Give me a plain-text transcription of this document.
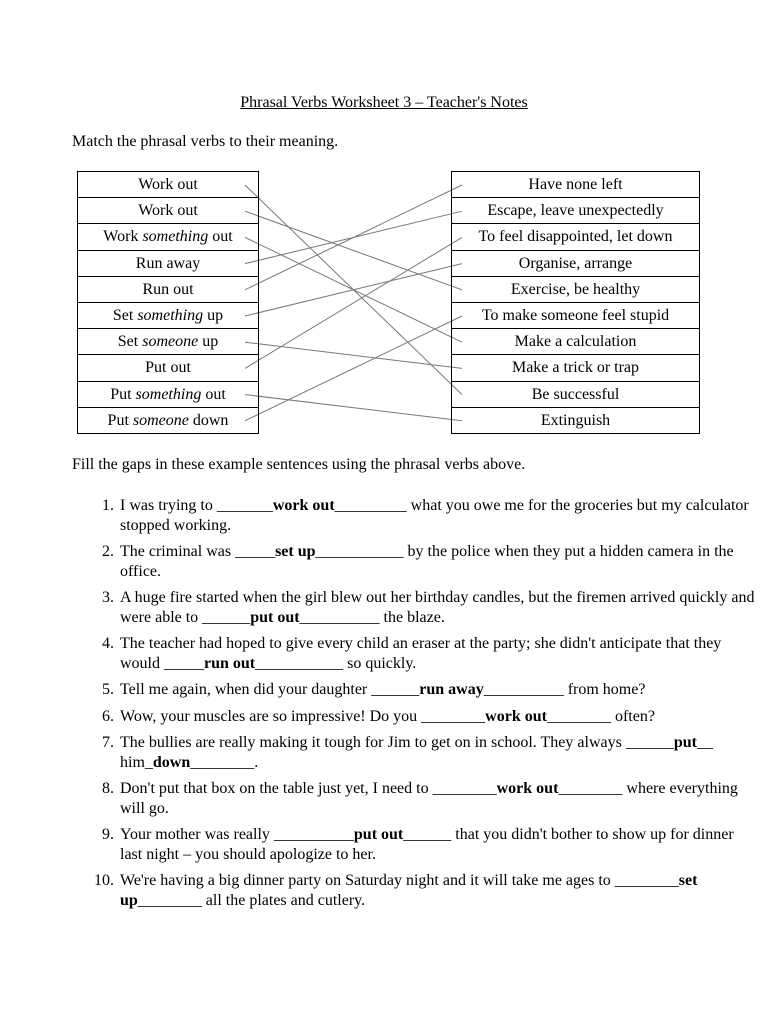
Phrasal Verbs Worksheet 3 – Teacher's Notes
Match the phrasal verbs to their meaning.
Work out
Work out
Work something out
Run away
Run out
Set something up
Set someone up
Put out
Put something out
Put someone down
Have none left
Escape, leave unexpectedly
To feel disappointed, let down
Organise, arrange
Exercise, be healthy
To make someone feel stupid
Make a calculation
Make a trick or trap
Be successful
Extinguish
Fill the gaps in these example sentences using the phrasal verbs above.
1. I was trying to _______work out_________ what you owe me for the groceries but my calculator stopped working.
2. The criminal was _____set up___________ by the police when they put a hidden camera in the office.
3. A huge fire started when the girl blew out her birthday candles, but the firemen arrived quickly and were able to ______put out__________ the blaze.
4. The teacher had hoped to give every child an eraser at the party; she didn't anticipate that they would _____run out___________ so quickly.
5. Tell me again, when did your daughter ______run away__________ from home?
6. Wow, your muscles are so impressive! Do you ________work out________ often?
7. The bullies are really making it tough for Jim to get on in school. They always ______put__ him_down________.
8. Don't put that box on the table just yet, I need to ________work out________ where everything will go.
9. Your mother was really __________put out______ that you didn't bother to show up for dinner last night – you should apologize to her.
10. We're having a big dinner party on Saturday night and it will take me ages to ________set up________ all the plates and cutlery.
